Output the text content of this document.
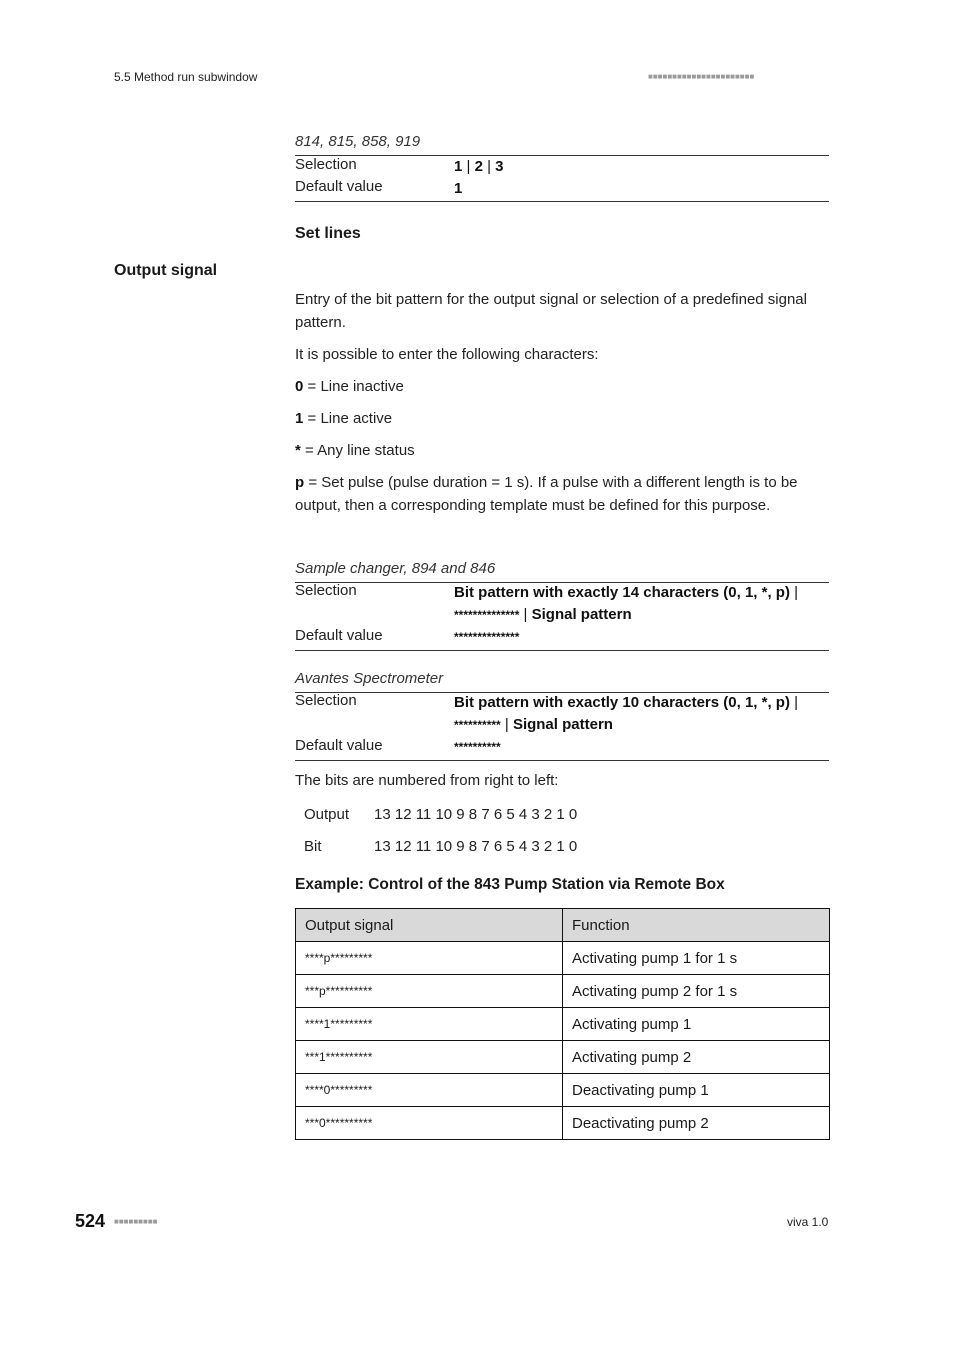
5.5 Method run subwindow	■■■■■■■■■■■■■■■■■■■■■■
814, 815, 858, 919
Selection	1 | 2 | 3
Default value	1
Set lines
Output signal
Entry of the bit pattern for the output signal or selection of a predefined signal pattern.
It is possible to enter the following characters:
0 = Line inactive
1 = Line active
* = Any line status
p = Set pulse (pulse duration = 1 s). If a pulse with a different length is to be output, then a corresponding template must be defined for this purpose.
Sample changer, 894 and 846
Selection	Bit pattern with exactly 14 characters (0, 1, *, p) | ************** | Signal pattern
Default value	**************
Avantes Spectrometer
Selection	Bit pattern with exactly 10 characters (0, 1, *, p) | ********** | Signal pattern
Default value	**********
The bits are numbered from right to left:
Output 13 12 11 10 9 8 7 6 5 4 3 2 1 0
Bit	13 12 11 10 9 8 7 6 5 4 3 2 1 0
Example: Control of the 843 Pump Station via Remote Box
Output signal	Function
****p*********	Activating pump 1 for 1 s
***p**********	Activating pump 2 for 1 s
****1*********	Activating pump 1
***1**********	Activating pump 2
****0*********	Deactivating pump 1
***0**********	Deactivating pump 2
524 ■■■■■■■■■	viva 1.0
